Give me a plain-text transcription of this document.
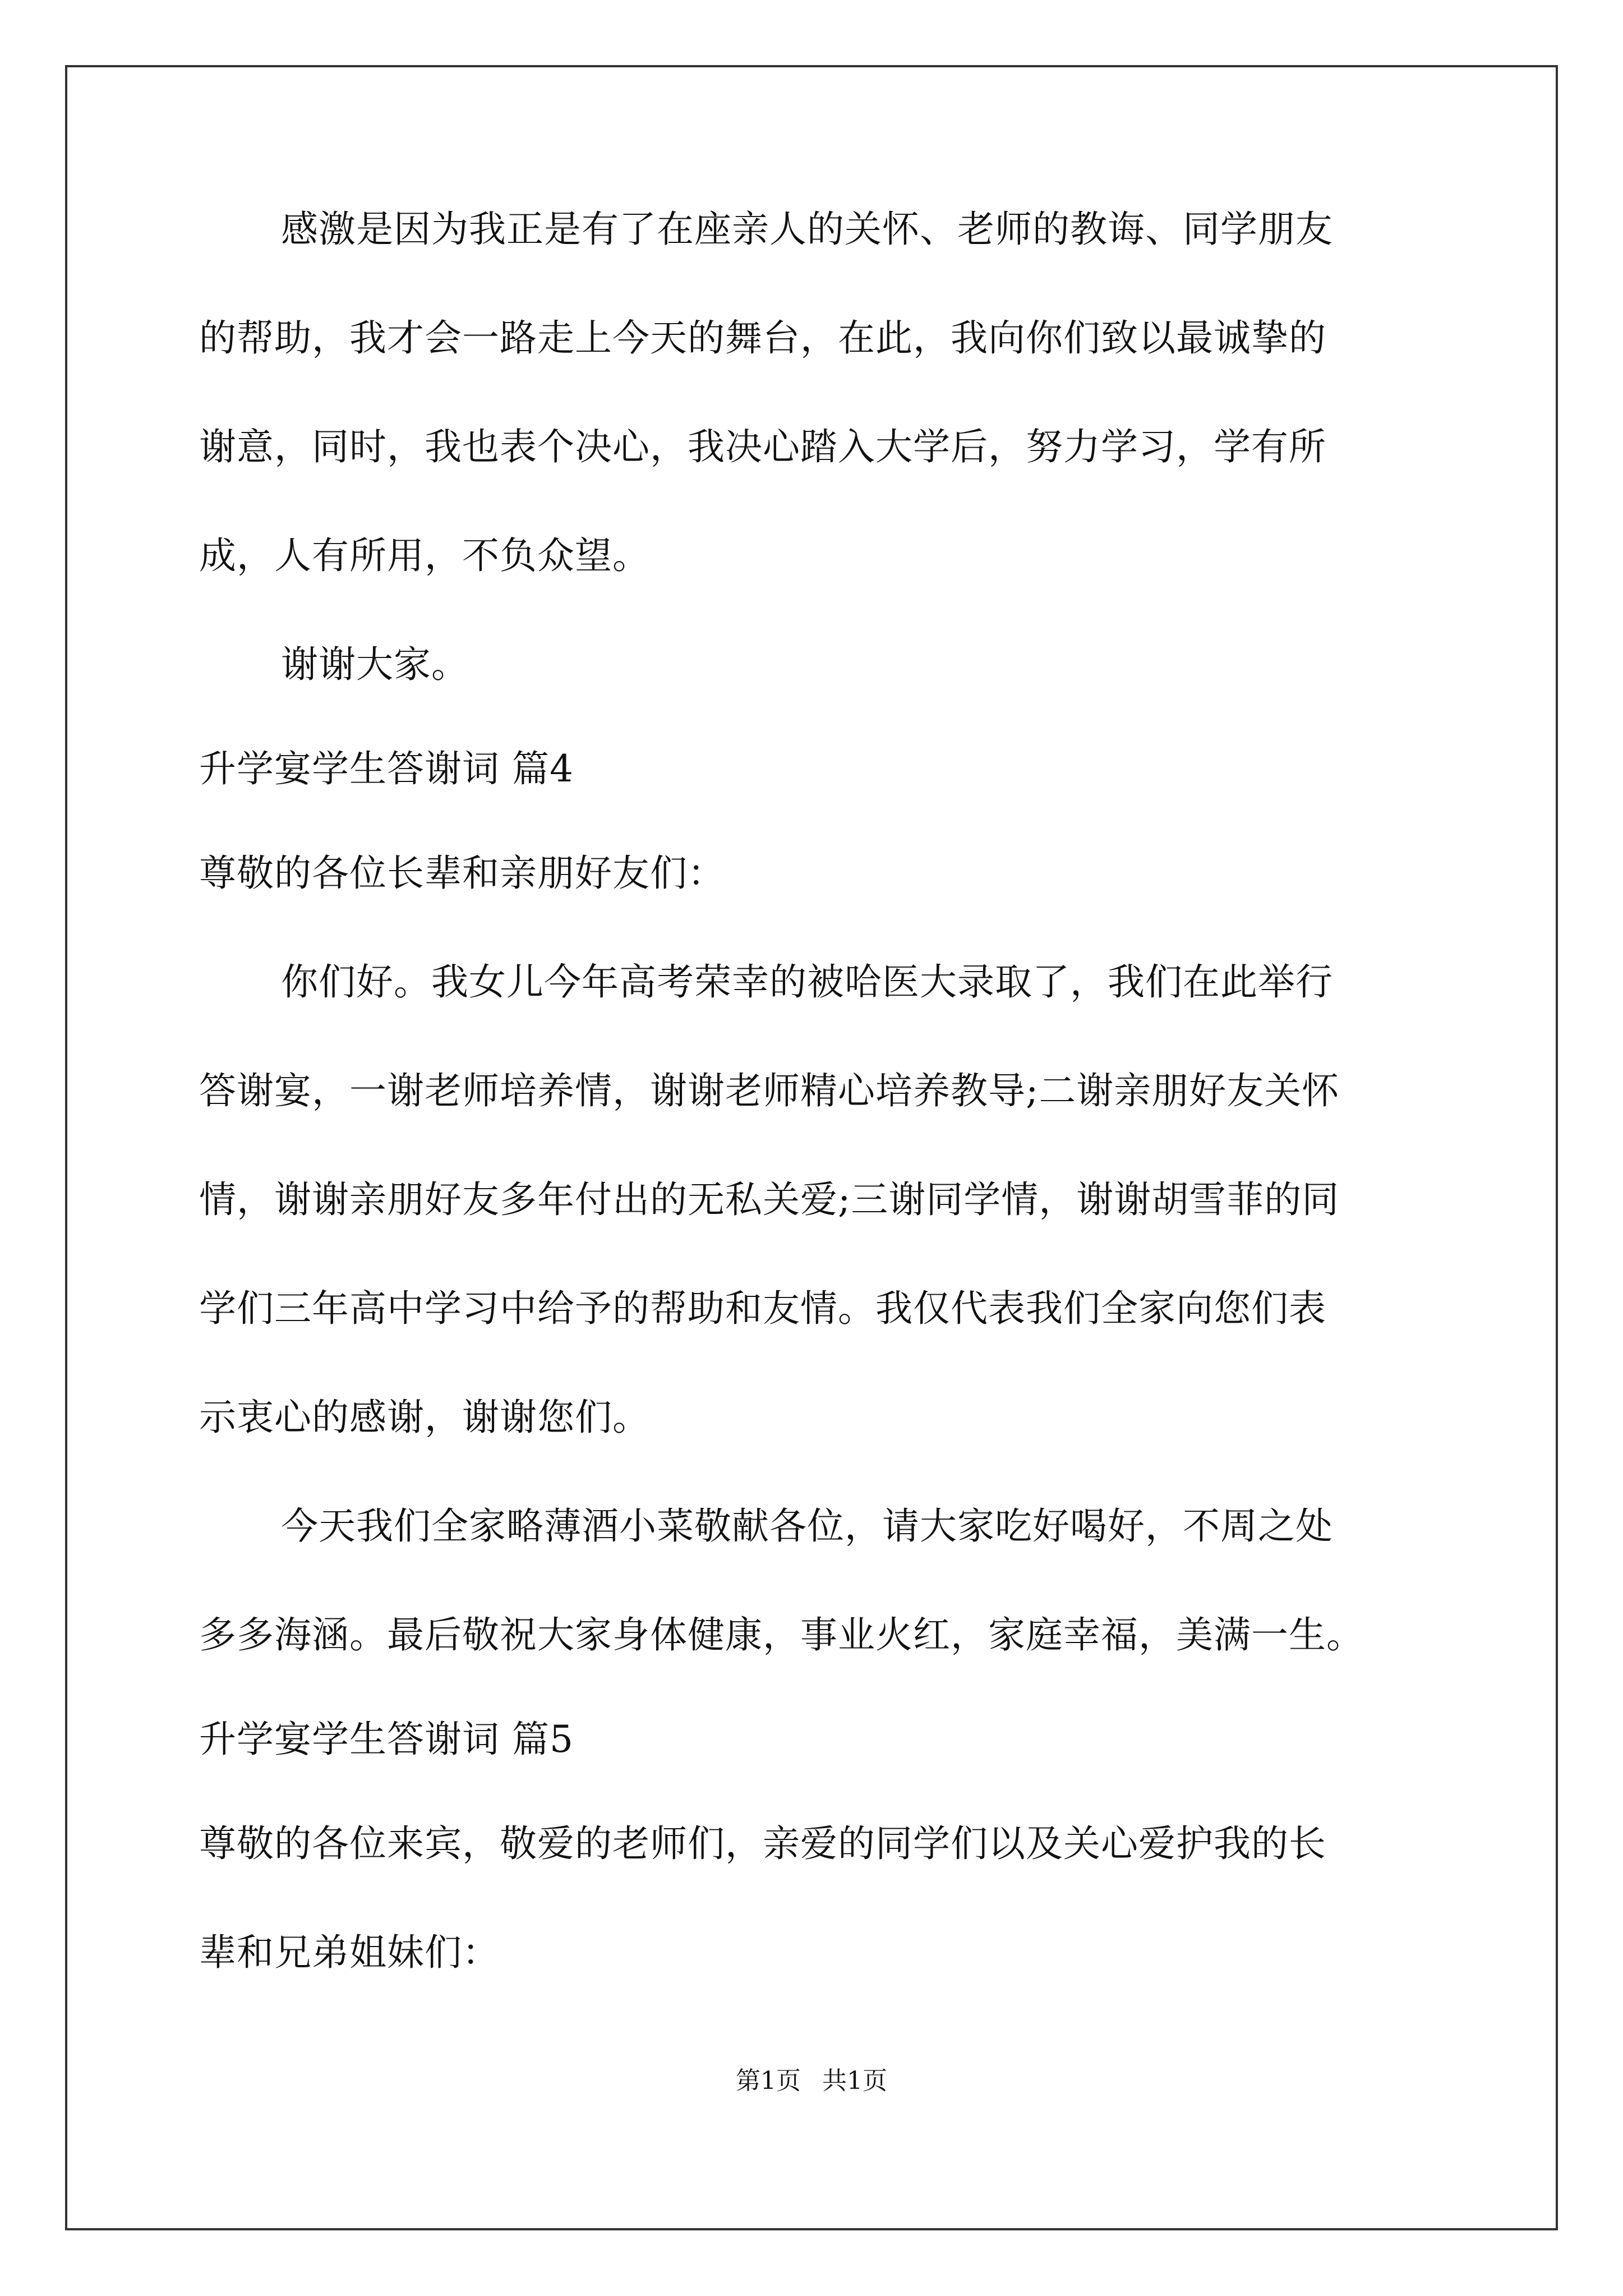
感激是因为我正是有了在座亲人的关怀、老师的教诲、同学朋友

的帮助，我才会一路走上今天的舞台，在此，我向你们致以最诚挚的

谢意，同时，我也表个决心，我决心踏入大学后，努力学习，学有所

成，人有所用，不负众望。

谢谢大家。

升学宴学生答谢词 篇4

尊敬的各位长辈和亲朋好友们：

你们好。我女儿今年高考荣幸的被哈医大录取了，我们在此举行

答谢宴，一谢老师培养情，谢谢老师精心培养教导;二谢亲朋好友关怀

情，谢谢亲朋好友多年付出的无私关爱;三谢同学情，谢谢胡雪菲的同

学们三年高中学习中给予的帮助和友情。我仅代表我们全家向您们表

示衷心的感谢，谢谢您们。

今天我们全家略薄酒小菜敬献各位，请大家吃好喝好，不周之处

多多海涵。最后敬祝大家身体健康，事业火红，家庭幸福，美满一生。

升学宴学生答谢词 篇5

尊敬的各位来宾，敬爱的老师们，亲爱的同学们以及关心爱护我的长

辈和兄弟姐妹们：

第1页 共1页
